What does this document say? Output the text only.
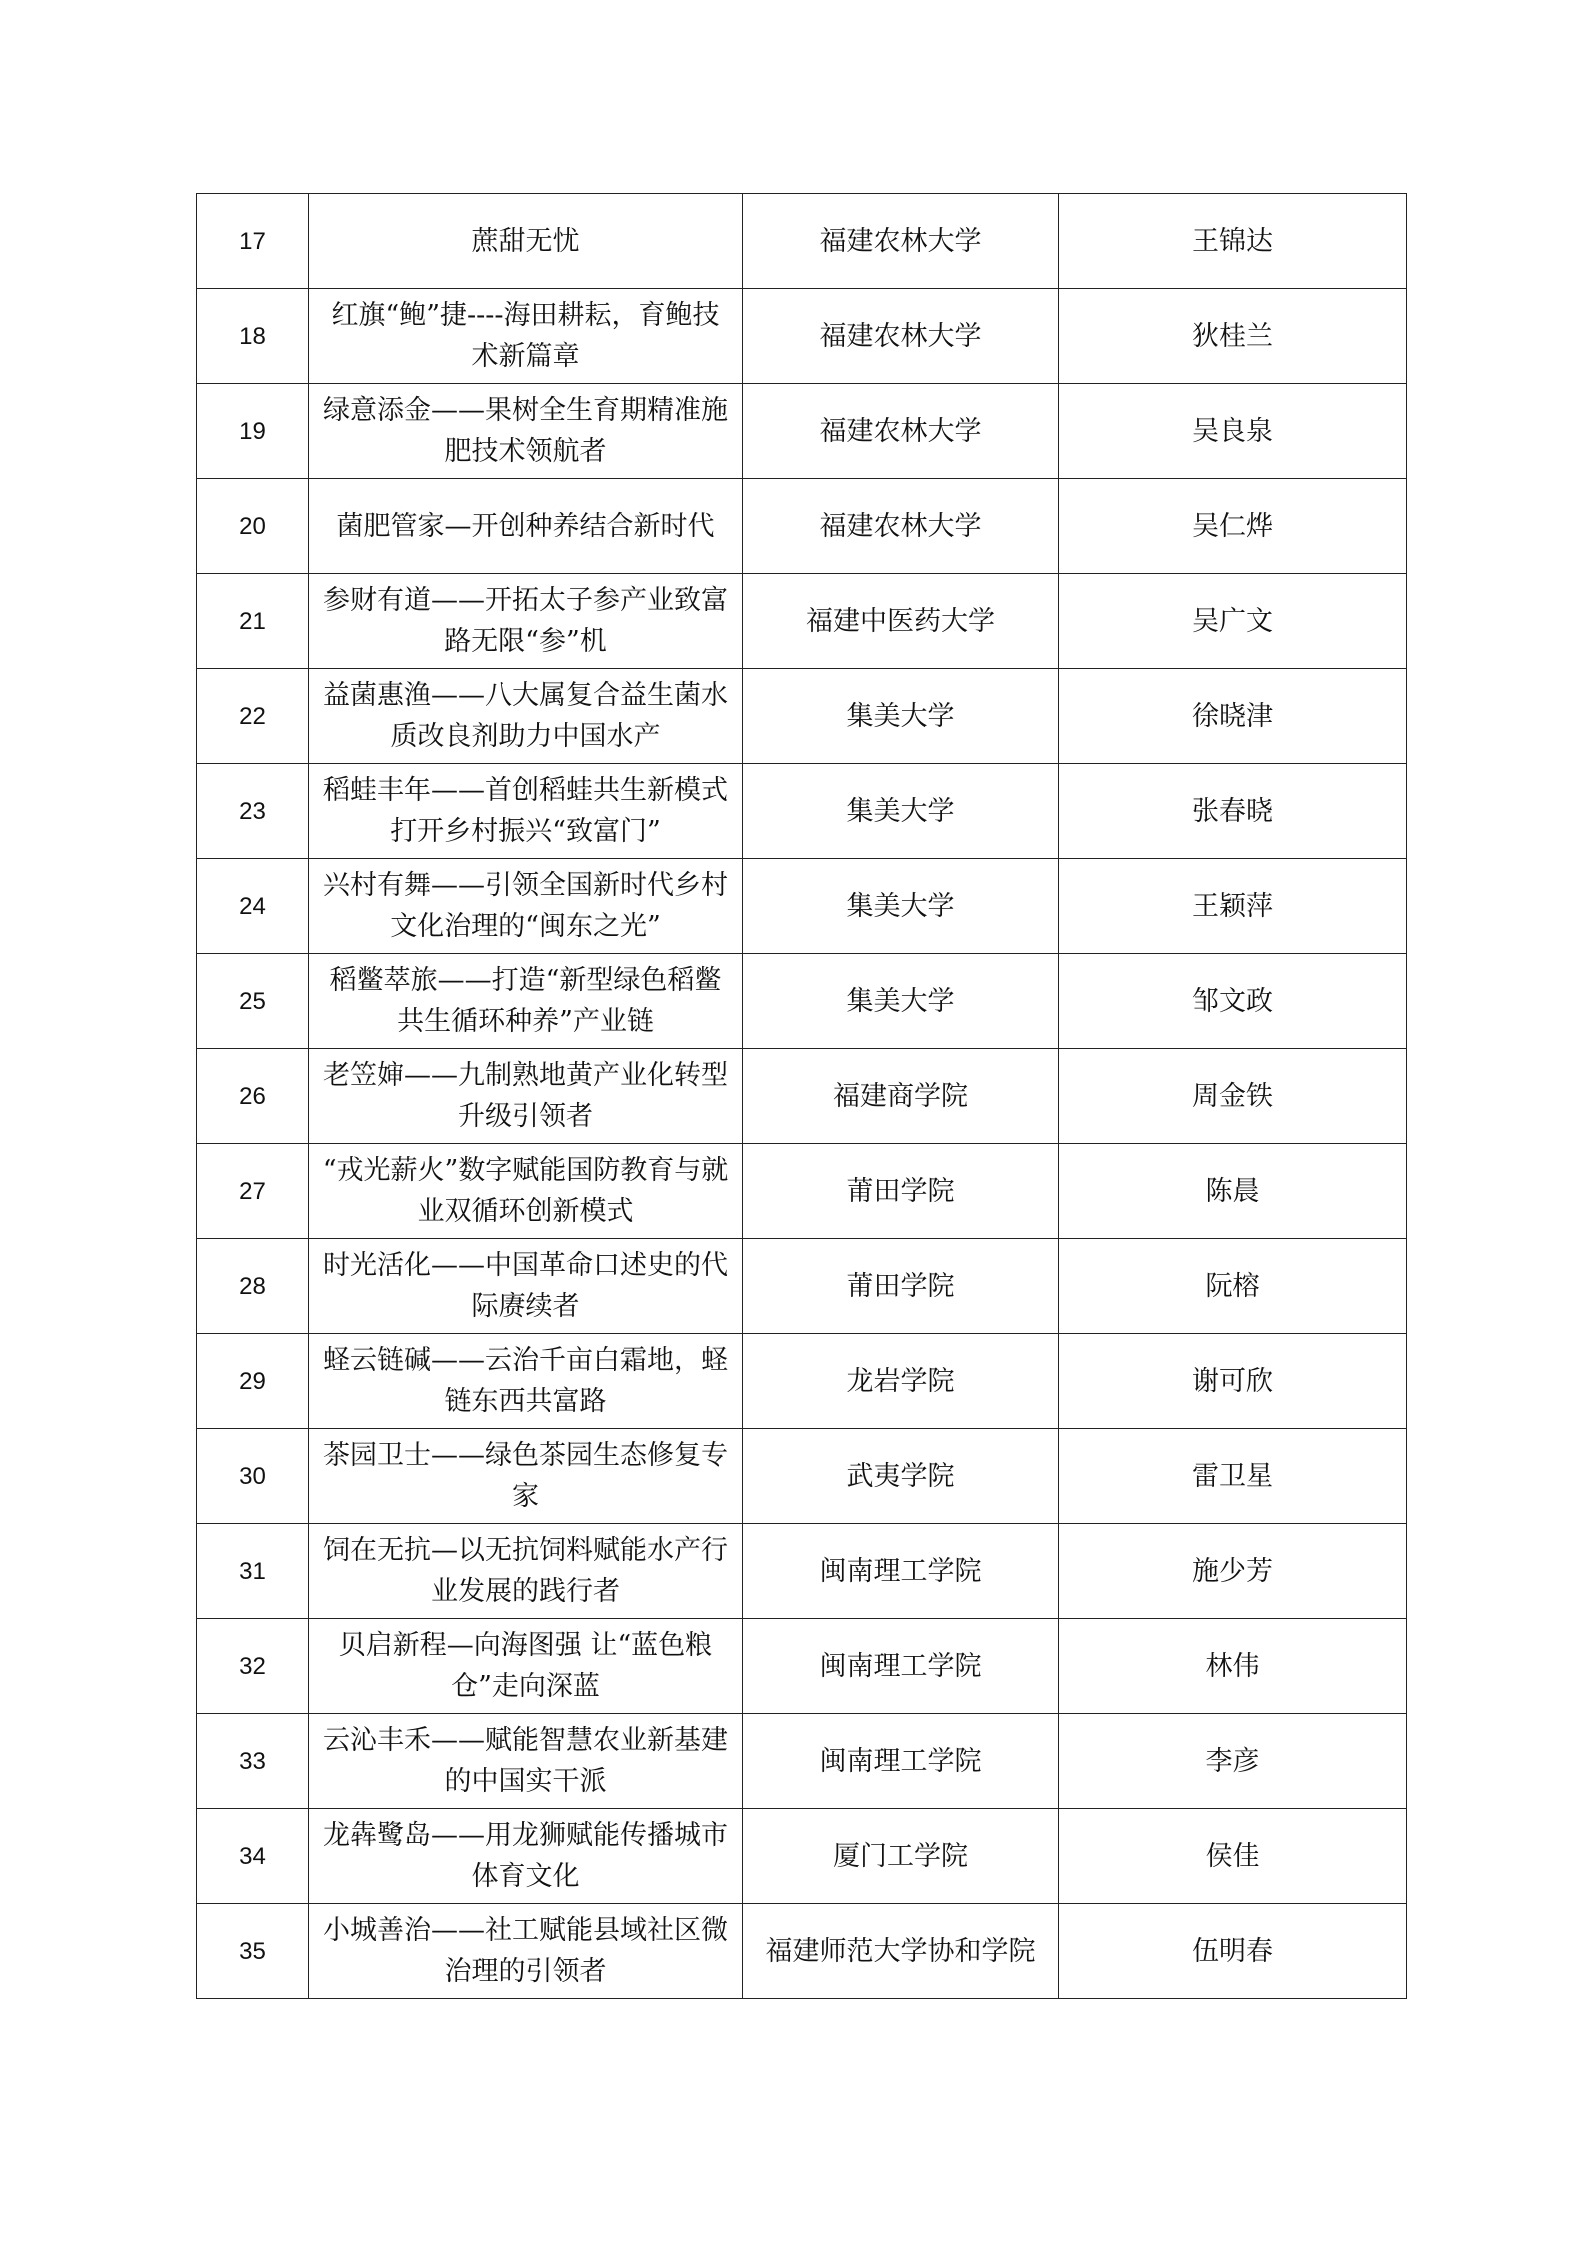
17	蔗甜无忧	福建农林大学	王锦达
18	红旗“鲍”捷----海田耕耘，育鲍技术新篇章	福建农林大学	狄桂兰
19	绿意添金——果树全生育期精准施肥技术领航者	福建农林大学	吴良泉
20	菌肥管家—开创种养结合新时代	福建农林大学	吴仁烨
21	参财有道——开拓太子参产业致富路无限“参”机	福建中医药大学	吴广文
22	益菌惠渔——八大属复合益生菌水质改良剂助力中国水产	集美大学	徐晓津
23	稻蛙丰年——首创稻蛙共生新模式打开乡村振兴“致富门”	集美大学	张春晓
24	兴村有舞——引领全国新时代乡村文化治理的“闽东之光”	集美大学	王颖萍
25	稻鳖萃旅——打造“新型绿色稻鳖共生循环种养”产业链	集美大学	邹文政
26	老笠婶——九制熟地黄产业化转型升级引领者	福建商学院	周金铁
27	“戎光薪火”数字赋能国防教育与就业双循环创新模式	莆田学院	陈晨
28	时光活化——中国革命口述史的代际赓续者	莆田学院	阮榕
29	蛏云链碱——云治千亩白霜地，蛏链东西共富路	龙岩学院	谢可欣
30	茶园卫士——绿色茶园生态修复专家	武夷学院	雷卫星
31	饲在无抗—以无抗饲料赋能水产行业发展的践行者	闽南理工学院	施少芳
32	贝启新程—向海图强 让“蓝色粮仓”走向深蓝	闽南理工学院	林伟
33	云沁丰禾——赋能智慧农业新基建的中国实干派	闽南理工学院	李彦
34	龙犇鹭岛——用龙狮赋能传播城市体育文化	厦门工学院	侯佳
35	小城善治——社工赋能县域社区微治理的引领者	福建师范大学协和学院	伍明春
